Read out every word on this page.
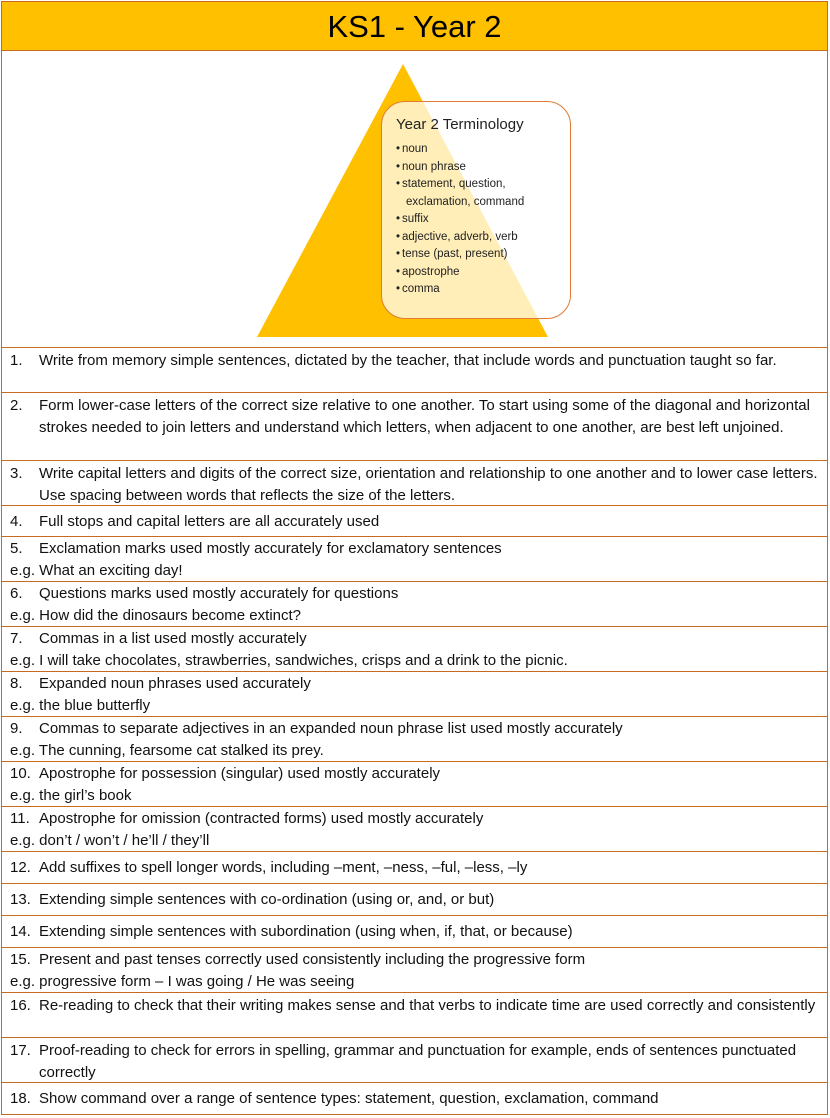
KS1 - Year 2
Year 2 Terminology
• noun
• noun phrase
• statement, question,
exclamation, command
• suffix
• adjective, adverb, verb
• tense (past, present)
• apostrophe
• comma
1.	Write from memory simple sentences, dictated by the teacher, that include words and punctuation taught so far.
2.	Form lower-case letters of the correct size relative to one another. To start using some of the diagonal and horizontal strokes needed to join letters and understand which letters, when adjacent to one another, are best left unjoined.
3.	Write capital letters and digits of the correct size, orientation and relationship to one another and to lower case letters. Use spacing between words that reflects the size of the letters.
4.	Full stops and capital letters are all accurately used
5.	Exclamation marks used mostly accurately for exclamatory sentences
e.g. What an exciting day!
6.	Questions marks used mostly accurately for questions
e.g. How did the dinosaurs become extinct?
7.	Commas in a list used mostly accurately
e.g. I will take chocolates, strawberries, sandwiches, crisps and a drink to the picnic.
8.	Expanded noun phrases used accurately
e.g. the blue butterfly
9.	Commas to separate adjectives in an expanded noun phrase list used mostly accurately
e.g. The cunning, fearsome cat stalked its prey.
10. Apostrophe for possession (singular) used mostly accurately
e.g. the girl’s book
11. Apostrophe for omission (contracted forms) used mostly accurately
e.g. don’t / won’t / he’ll / they’ll
12. Add suffixes to spell longer words, including –ment, –ness, –ful, –less, –ly
13. Extending simple sentences with co-ordination (using or, and, or but)
14. Extending simple sentences with subordination (using when, if, that, or because)
15. Present and past tenses correctly used consistently including the progressive form
e.g. progressive form – I was going / He was seeing
16. Re-reading to check that their writing makes sense and that verbs to indicate time are used correctly and consistently
17. Proof-reading to check for errors in spelling, grammar and punctuation for example, ends of sentences punctuated correctly
18. Show command over a range of sentence types: statement, question, exclamation, command
